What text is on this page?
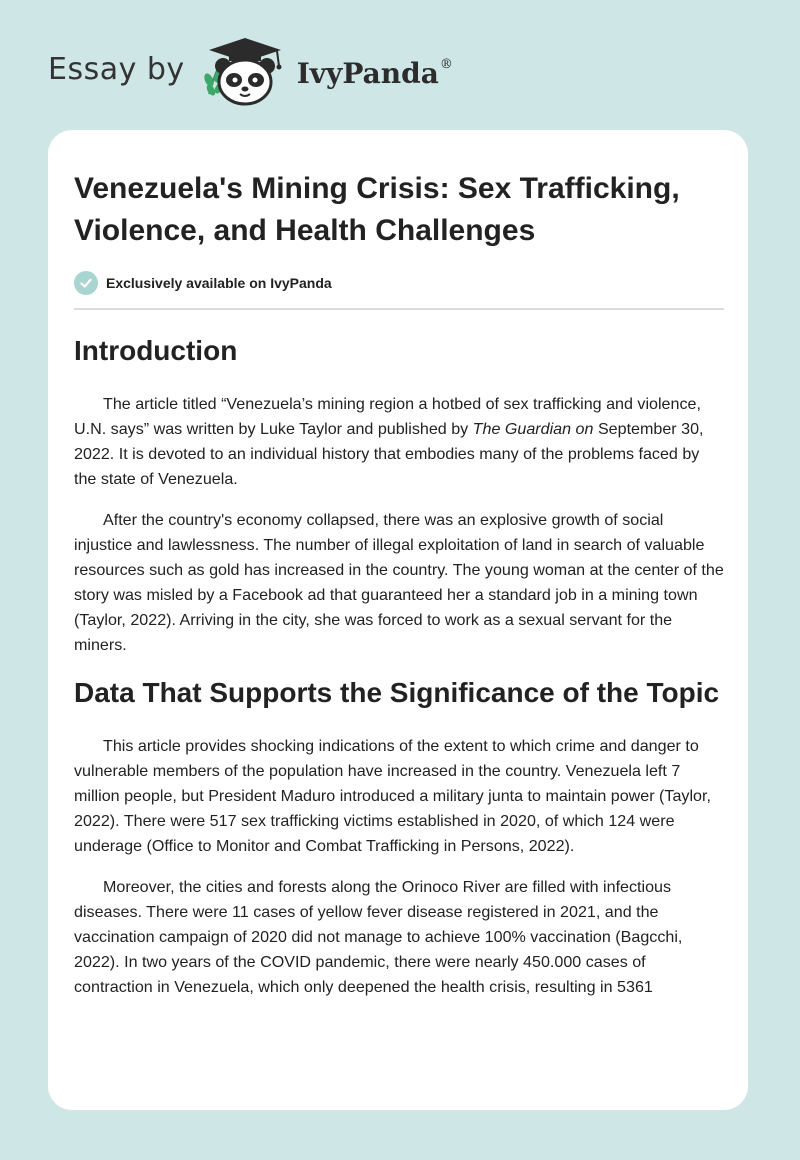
Essay by	IvyPanda®
Venezuela's Mining Crisis: Sex Trafficking, Violence, and Health Challenges
Exclusively available on IvyPanda
Introduction

The article titled “Venezuela’s mining region a hotbed of sex trafficking and violence, U.N. says” was written by Luke Taylor and published by The Guardian on September 30, 2022. It is devoted to an individual history that embodies many of the problems faced by the state of Venezuela.

After the country's economy collapsed, there was an explosive growth of social injustice and lawlessness. The number of illegal exploitation of land in search of valuable resources such as gold has increased in the country. The young woman at the center of the story was misled by a Facebook ad that guaranteed her a standard job in a mining town (Taylor, 2022). Arriving in the city, she was forced to work as a sexual servant for the miners.

Data That Supports the Significance of the Topic

This article provides shocking indications of the extent to which crime and danger to vulnerable members of the population have increased in the country. Venezuela left 7 million people, but President Maduro introduced a military junta to maintain power (Taylor, 2022). There were 517 sex trafficking victims established in 2020, of which 124 were underage (Office to Monitor and Combat Trafficking in Persons, 2022).

Moreover, the cities and forests along the Orinoco River are filled with infectious diseases. There were 11 cases of yellow fever disease registered in 2021, and the vaccination campaign of 2020 did not manage to achieve 100% vaccination (Bagcchi, 2022). In two years of the COVID pandemic, there were nearly 450.000 cases of contraction in Venezuela, which only deepened the health crisis, resulting in 5361
